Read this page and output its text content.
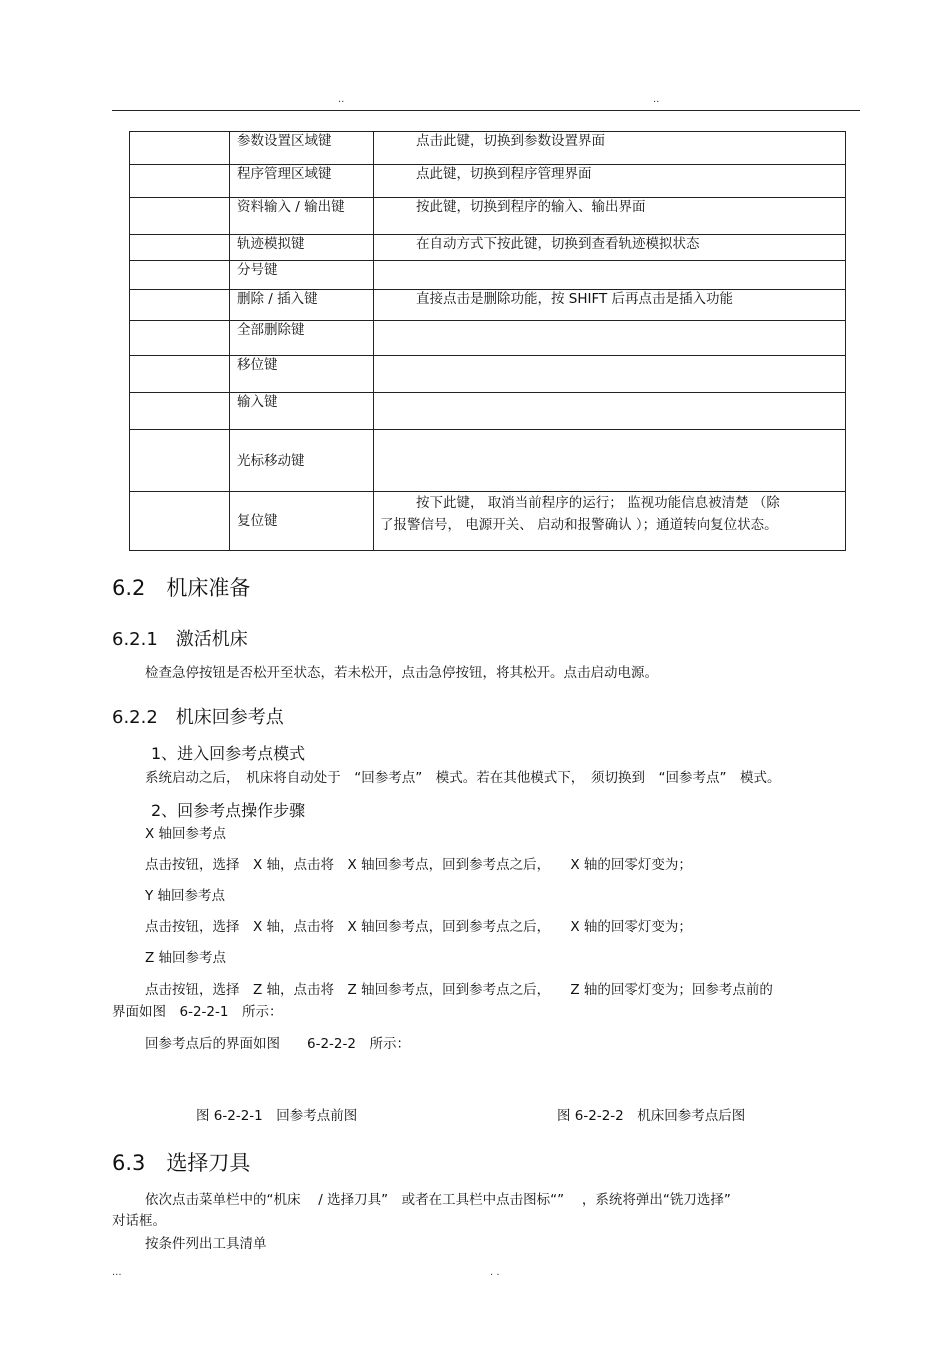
..	..
	参数设置区域键	点击此键，切换到参数设置界面
	程序管理区域键	点此键，切换到程序管理界面
	资料输入 / 输出键	按此键，切换到程序的输入、输出界面
	轨迹模拟键	在自动方式下按此键，切换到查看轨迹模拟状态
	分号键	
	删除 / 插入键	直接点击是删除功能，按 SHIFT 后再点击是插入功能
	全部删除键	
	移位键	
	输入键	
	光标移动键	
	复位键	按下此键， 取消当前程序的运行； 监视功能信息被清楚 （除
了报警信号， 电源开关、 启动和报警确认 ）；通道转向复位状态。
6.2　机床准备
6.2.1　激活机床
检查急停按钮是否松开至状态，若未松开，点击急停按钮，将其松开。点击启动电源。
6.2.2　机床回参考点
1、进入回参考点模式
系统启动之后，　机床将自动处于　“回参考点”　模式。若在其他模式下，　须切换到　“回参考点”　模式。
2、回参考点操作步骤
X 轴回参考点
点击按钮，选择　X 轴，点击将　X 轴回参考点，回到参考点之后，　　X 轴的回零灯变为；
Y 轴回参考点
点击按钮，选择　X 轴，点击将　X 轴回参考点，回到参考点之后，　　X 轴的回零灯变为；
Z 轴回参考点
点击按钮，选择　Z 轴，点击将　Z 轴回参考点，回到参考点之后，　　Z 轴的回零灯变为；回参考点前的
界面如图　6-2-2-1　所示：
回参考点后的界面如图　　6-2-2-2　所示：
图 6-2-2-1　回参考点前图	图 6-2-2-2　机床回参考点后图
6.3　选择刀具
依次点击菜单栏中的“机床　 / 选择刀具”　或者在工具栏中点击图标“”　 ，系统将弹出“铣刀选择”
对话框。
按条件列出工具清单
...	. .
